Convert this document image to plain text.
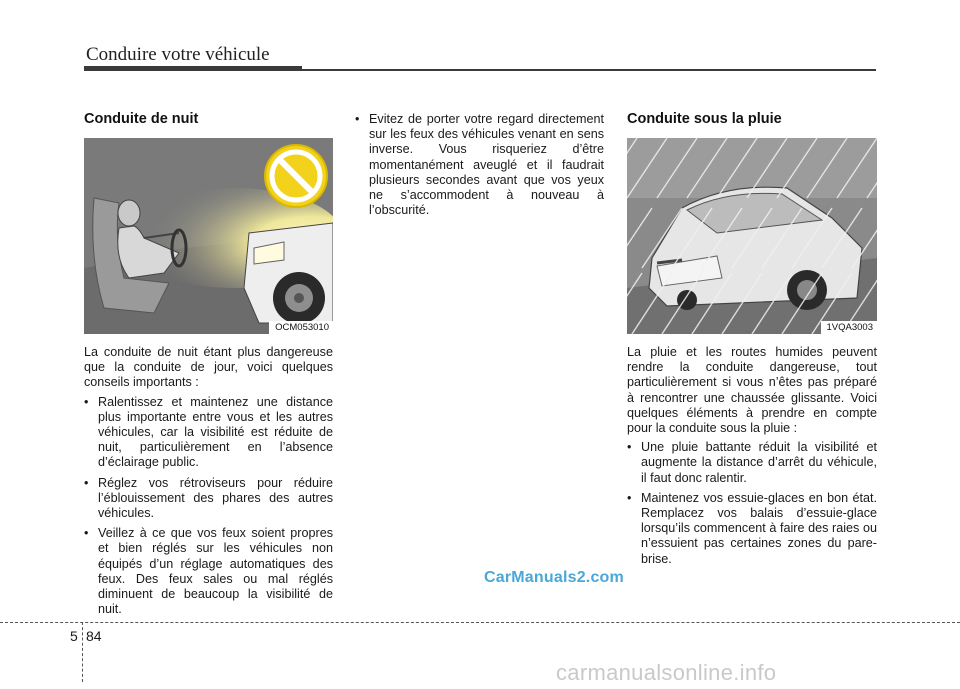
Conduire votre véhicule
Conduite de nuit
OCM053010

La conduite de nuit étant plus dangereuse que la conduite de jour, voici quelques conseils importants :

• Ralentissez et maintenez une distance plus importante entre vous et les autres véhicules, car la visibilité est réduite de nuit, particulièrement en l’absence d’éclairage public.
• Réglez vos rétroviseurs pour réduire l’éblouissement des phares des autres véhicules.
• Veillez à ce que vos feux soient propres et bien réglés sur les véhicules non équipés d’un réglage automatiques des feux. Des feux sales ou mal réglés diminuent de beaucoup la visibilité de nuit.
• Evitez de porter votre regard directement sur les feux des véhicules venant en sens inverse. Vous risqueriez d’être momentanément aveuglé et il faudrait plusieurs secondes avant que vos yeux ne s’accommodent à nouveau à l’obscurité.
Conduite sous la pluie
1VQA3003

La pluie et les routes humides peuvent rendre la conduite dangereuse, tout particulièrement si vous n’êtes pas préparé à rencontrer une chaussée glissante. Voici quelques éléments à prendre en compte pour la conduite sous la pluie :

• Une pluie battante réduit la visibilité et augmente la distance d’arrêt du véhicule, il faut donc ralentir.
• Maintenez vos essuie-glaces en bon état. Remplacez vos balais d’essuie-glace lorsqu’ils commencent à faire des raies ou n’essuient pas certaines zones du pare-brise.
CarManuals2.com
5 84
carmanualsonline.info
